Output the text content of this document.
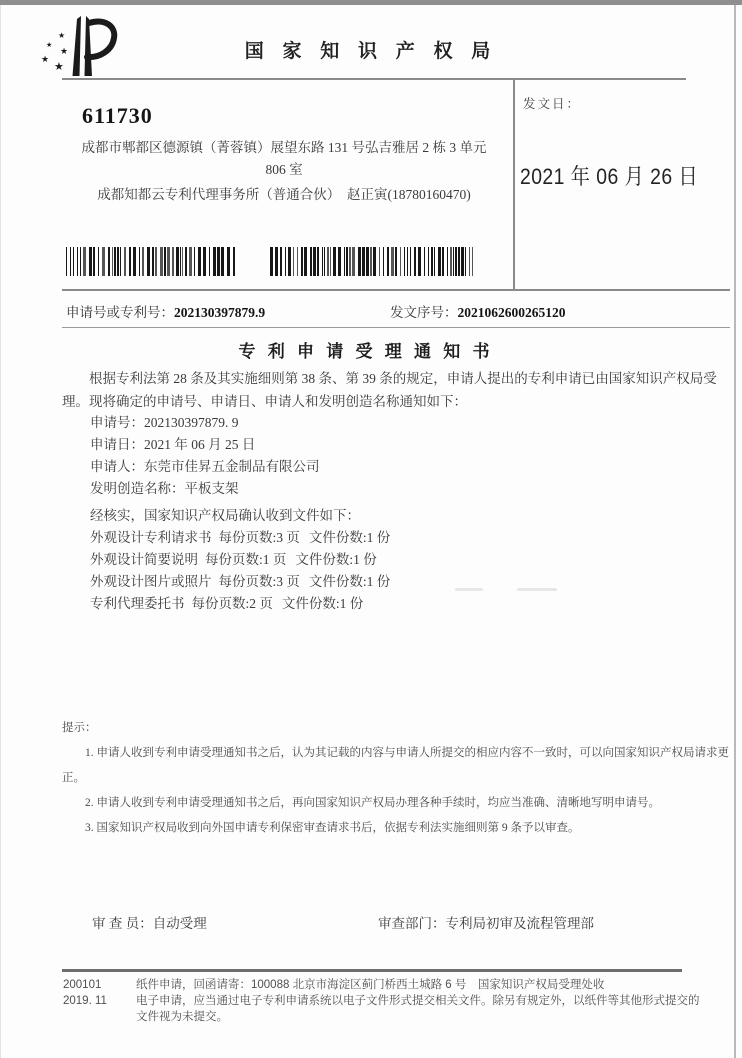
★
★
★
★
★
国 家 知 识 产 权 局
611730
成都市郫都区德源镇（菁蓉镇）展望东路 131 号弘吉雅居 2 栋 3 单元
806 室
成都知都云专利代理事务所（普通合伙）　赵正寅(18780160470)
发文日：
2021 年 06 月 26 日
申请号或专利号：202130397879.9	发文序号：2021062600265120
专 利 申 请 受 理 通 知 书

根据专利法第 28 条及其实施细则第 38 条、第 39 条的规定，申请人提出的专利申请已由国家知识产权局受理。现将确定的申请号、申请日、申请人和发明创造名称通知如下：

申请号：202130397879. 9
申请日：2021 年 06 月 25 日
申请人：东莞市佳昇五金制品有限公司
发明创造名称：平板支架
经核实，国家知识产权局确认收到文件如下：
外观设计专利请求书 每份页数:3 页 文件份数:1 份
外观设计简要说明 每份页数:1 页 文件份数:1 份
外观设计图片或照片 每份页数:3 页 文件份数:1 份
专利代理委托书 每份页数:2 页 文件份数:1 份

提示：

1. 申请人收到专利申请受理通知书之后，认为其记载的内容与申请人所提交的相应内容不一致时，可以向国家知识产权局请求更正。

2. 申请人收到专利申请受理通知书之后，再向国家知识产权局办理各种手续时，均应当准确、清晰地写明申请号。

3. 国家知识产权局收到向外国申请专利保密审查请求书后，依据专利法实施细则第 9 条予以审查。

审 查 员：自动受理	审查部门：专利局初审及流程管理部
200101	纸件申请，回函请寄：100088 北京市海淀区蓟门桥西土城路 6 号　国家知识产权局受理处收
2019. 11	电子申请，应当通过电子专利申请系统以电子文件形式提交相关文件。除另有规定外，以纸件等其他形式提交的文件视为未提交。
